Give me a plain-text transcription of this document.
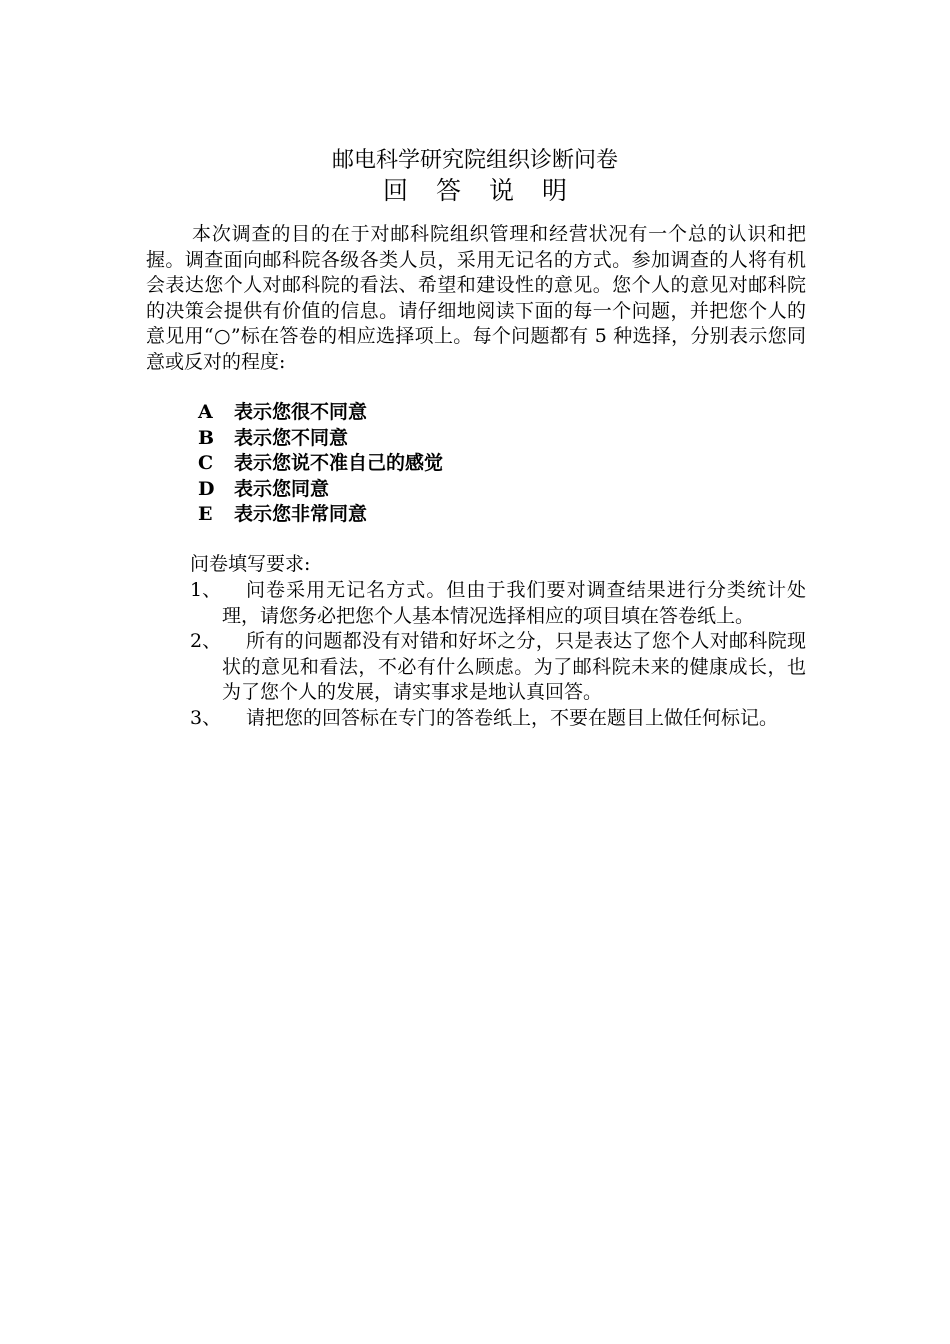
邮电科学研究院组织诊断问卷
回答说明

本次调查的目的在于对邮科院组织管理和经营状况有一个总的认识和把握。调查面向邮科院各级各类人员，采用无记名的方式。参加调查的人将有机会表达您个人对邮科院的看法、希望和建设性的意见。您个人的意见对邮科院的决策会提供有价值的信息。请仔细地阅读下面的每一个问题，并把您个人的意见用“○”标在答卷的相应选择项上。每个问题都有 5 种选择，分别表示您同意或反对的程度:

A	表示您很不同意
B	表示您不同意
C	表示您说不准自己的感觉
D	表示您同意
E	表示您非常同意
问卷填写要求:
1、	问卷采用无记名方式。但由于我们要对调查结果进行分类统计处理，请您务必把您个人基本情况选择相应的项目填在答卷纸上。
2、	所有的问题都没有对错和好坏之分，只是表达了您个人对邮科院现状的意见和看法，不必有什么顾虑。为了邮科院未来的健康成长，也为了您个人的发展，请实事求是地认真回答。
3、	请把您的回答标在专门的答卷纸上，不要在题目上做任何标记。
